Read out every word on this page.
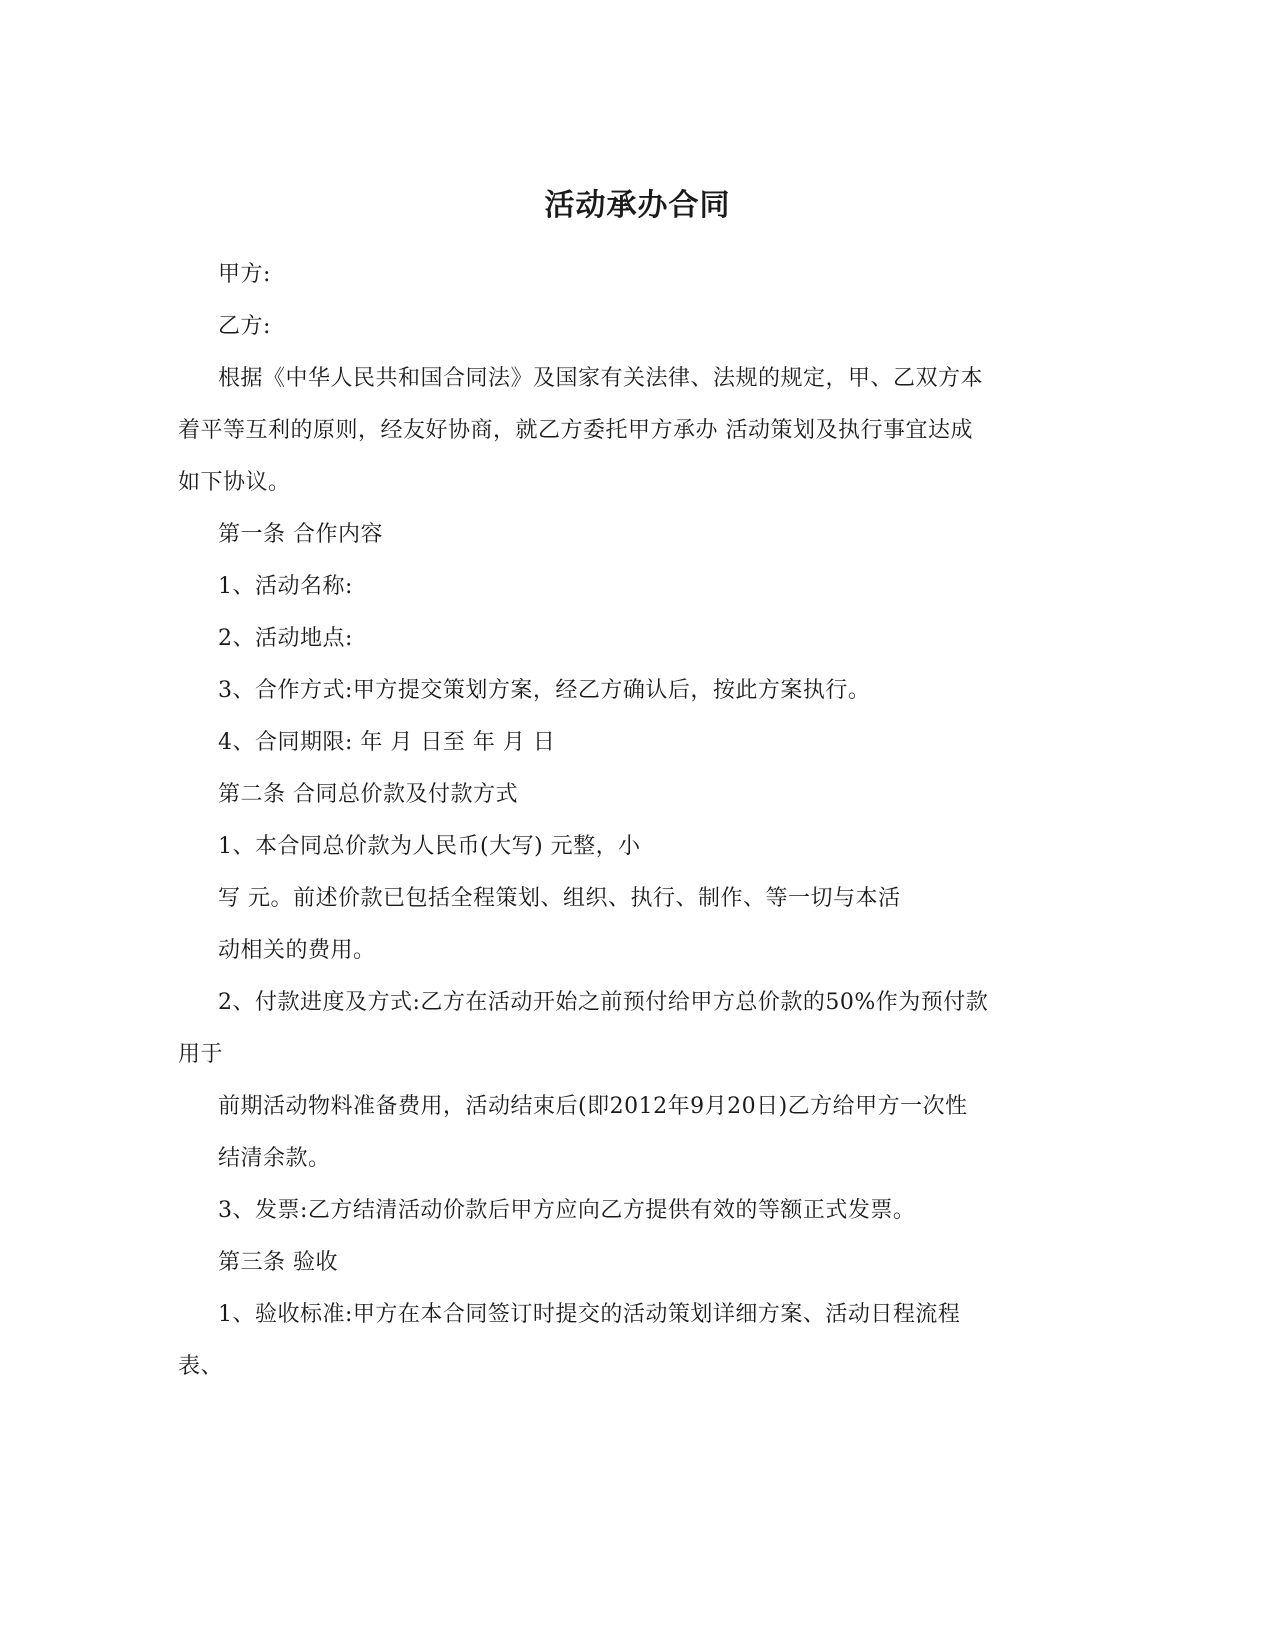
活动承办合同
甲方:
乙方:
根据《中华人民共和国合同法》及国家有关法律、法规的规定，甲、乙双方本
着平等互利的原则，经友好协商，就乙方委托甲方承办 活动策划及执行事宜达成
如下协议。
第一条 合作内容
1、活动名称:
2、活动地点:
3、合作方式:甲方提交策划方案，经乙方确认后，按此方案执行。
4、合同期限: 年 月 日至 年 月 日
第二条 合同总价款及付款方式
1、本合同总价款为人民币(大写) 元整，小
写 元。前述价款已包括全程策划、组织、执行、制作、等一切与本活
动相关的费用。
2、付款进度及方式:乙方在活动开始之前预付给甲方总价款的50%作为预付款
用于
前期活动物料准备费用，活动结束后(即2012年9月20日)乙方给甲方一次性
结清余款。
3、发票:乙方结清活动价款后甲方应向乙方提供有效的等额正式发票。
第三条 验收
1、验收标准:甲方在本合同签订时提交的活动策划详细方案、活动日程流程
表、
